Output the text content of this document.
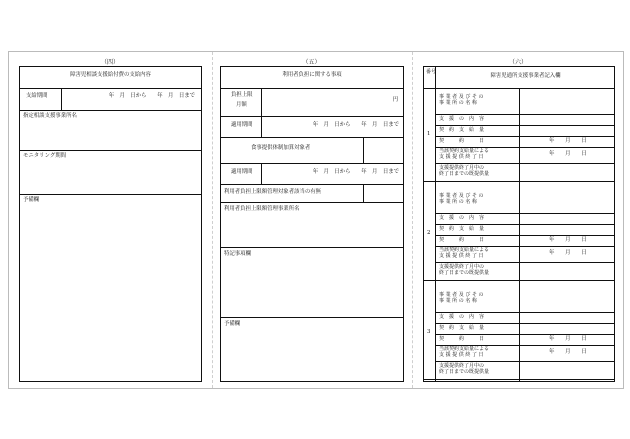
（四）
障害児相談支援給付費の支給内容
支給期間	年　月　日から　　年　月　日まで
指定相談支援事業所名
モニタリング期間
予備欄
（五）
利用者負担に関する事項
負担上限
月額
円
適用期間	年　月　日から　　年　月　日まで
食事提供体制加算対象者
適用期間	年　月　日から　　年　月　日まで
利用者負担上限額管理対象者該当の有無
利用者負担上限額管理事業所名
特記事項欄
予備欄
（六）
番号
障害児通所支援事業者記入欄
1
事 業 者 及 び そ の
事 業 所 の 名 称
支　援　の　内　容
契　約　支　給　量
契　　　約　　　日	年　　月　　日
当該契約支給量による
支 援 提 供 終 了 日	年　　月　　日
支援提供終了月中の
終了日までの既提供量
2
事 業 者 及 び そ の
事 業 所 の 名 称
支　援　の　内　容
契　約　支　給　量
契　　　約　　　日	年　　月　　日
当該契約支給量による
支 援 提 供 終 了 日	年　　月　　日
支援提供終了月中の
終了日までの既提供量
3
事 業 者 及 び そ の
事 業 所 の 名 称
支　援　の　内　容
契　約　支　給　量
契　　　約　　　日	年　　月　　日
当該契約支給量による
支 援 提 供 終 了 日	年　　月　　日
支援提供終了月中の
終了日までの既提供量
